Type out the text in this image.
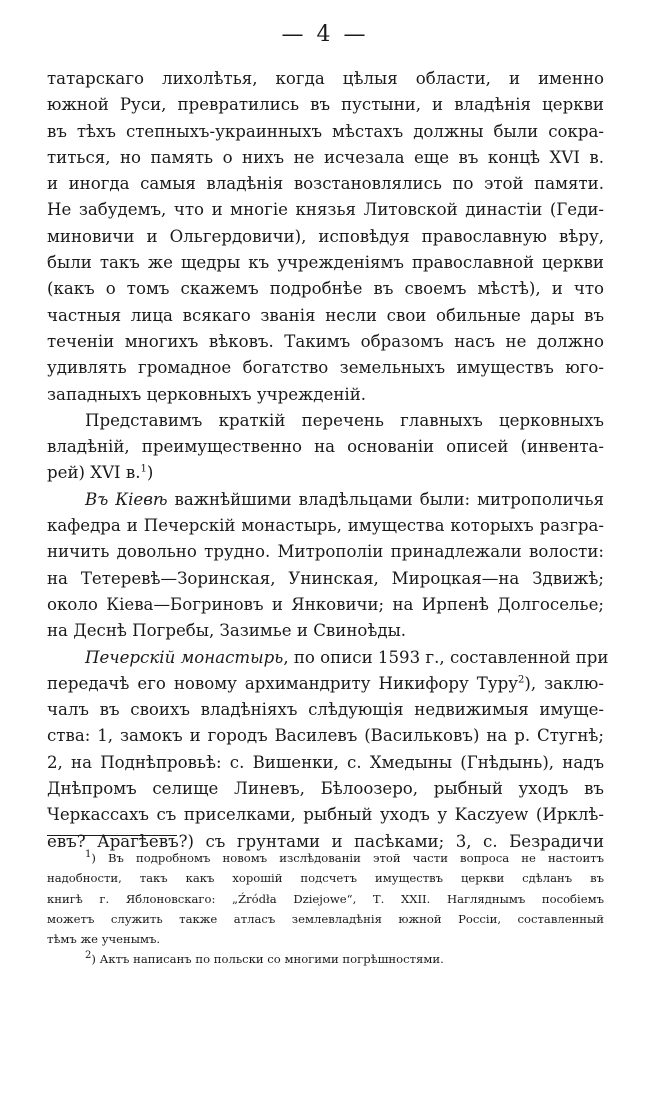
— 4 —
татарскаго лихолѣтья, когда цѣлыя области, и именно
южной Руси, превратились въ пустыни, и владѣнія церкви
въ тѣхъ степныхъ-украинныхъ мѣстахъ должны были сокра-
титься, но память о нихъ не исчезала еще въ концѣ XVI в.
и иногда самыя владѣнія возстановлялись по этой памяти.
Не забудемъ, что и многіе князья Литовской династіи (Геди-
миновичи и Ольгердовичи), исповѣдуя православную вѣру,
были такъ же щедры къ учрежденіямъ православной церкви
(какъ о томъ скажемъ подробнѣе въ своемъ мѣстѣ), и что
частныя лица всякаго званія несли свои обильные дары въ
теченіи многихъ вѣковъ. Такимъ образомъ насъ не должно
удивлять громадное богатство земельныхъ имуществъ юго-
западныхъ церковныхъ учрежденій.
Представимъ краткій перечень главныхъ церковныхъ
владѣній, преимущественно на основаніи описей (инвента-
рей) XVI в.$^1$)
Въ Кіевѣ важнѣйшими владѣльцами были: митрополичья
кафедра и Печерскій монастырь, имущества которыхъ разгра-
ничить довольно трудно. Митрополіи принадлежали волости:
на Тетеревѣ—Зоринская, Унинская, Мироцкая—на Здвижѣ;
около Кіева—Богриновъ и Янковичи; на Ирпенѣ Долгоселье;
на Деснѣ Погребы, Зазимье и Свиноѣды.
Печерскій монастырь, по описи 1593 г., составленной при
передачѣ его новому архимандриту Никифору Туру$^2$), заклю-
чалъ въ своихъ владѣніяхъ слѣдующія недвижимыя имуще-
ства: 1, замокъ и городъ Василевъ (Васильковъ) на р. Стугнѣ;
2, на Поднѣпровьѣ: с. Вишенки, с. Хмедыны (Гнѣдынь), надъ
Днѣпромъ селище Линевъ, Бѣлоозеро, рыбный уходъ въ
Черкассахъ съ приселками, рыбный уходъ у Kaczyew (Ирклѣ-
евъ? Арагѣевъ?) съ грунтами и пасѣками; 3, с. Безрадичи
$^1$) Въ подробномъ новомъ изслѣдованіи этой части вопроса не настоитъ
надобности, такъ какъ хорошій подсчетъ имуществъ церкви сдѣланъ въ
книгѣ г. Яблоновскаго: „Źródła Dziejowe“, Т. XXII. Нагляднымъ пособіемъ
можетъ служить также атласъ землевладѣнія южной Россіи, составленный
тѣмъ же ученымъ.
$^2$) Актъ написанъ по польски со многими погрѣшностями.
